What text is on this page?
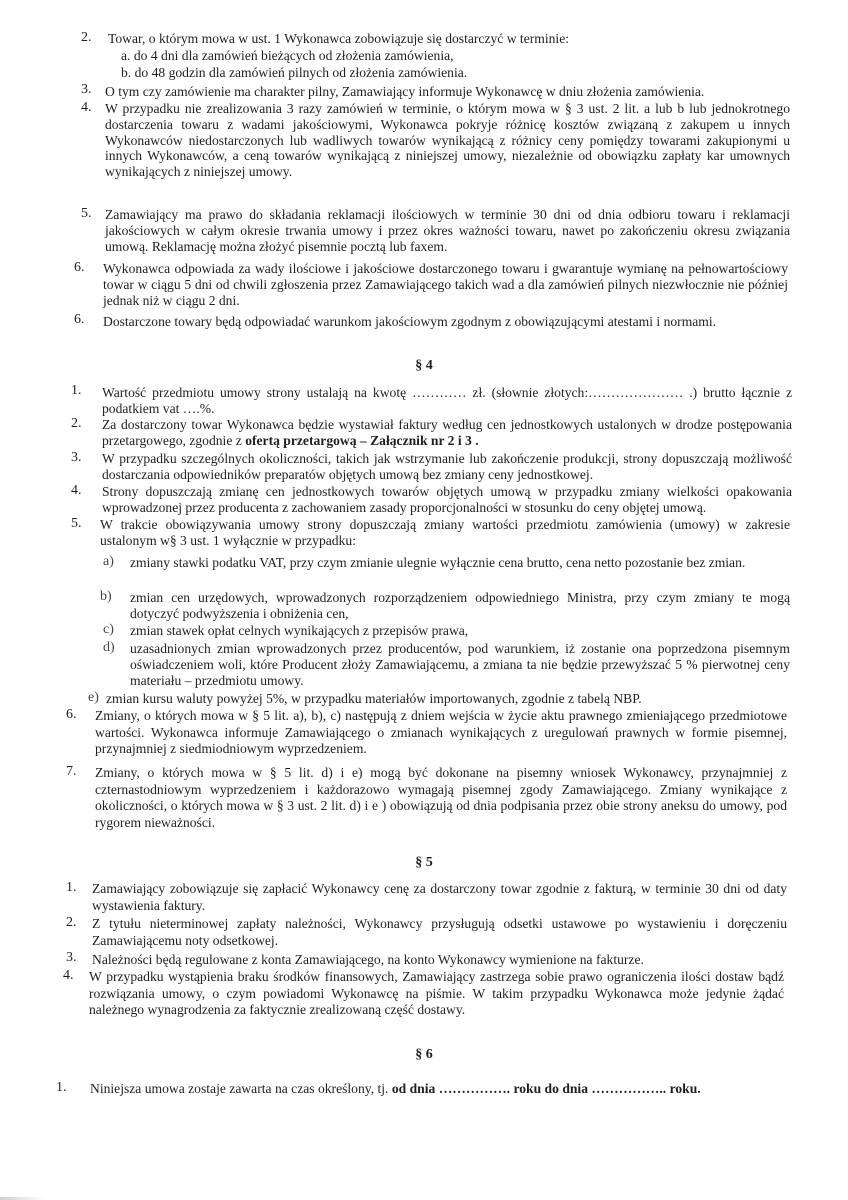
2. Towar, o którym mowa w ust. 1 Wykonawca zobowiązuje się dostarczyć w terminie:
a. do 4 dni dla zamówień bieżących od złożenia zamówienia,
b. do 48 godzin dla zamówień pilnych od złożenia zamówienia.
3. O tym czy zamówienie ma charakter pilny, Zamawiający informuje Wykonawcę w dniu złożenia zamówienia.
4. W przypadku nie zrealizowania 3 razy zamówień w terminie, o którym mowa w § 3 ust. 2 lit. a lub b lub jednokrotnego dostarczenia towaru z wadami jakościowymi, Wykonawca pokryje różnicę kosztów związaną z zakupem u innych Wykonawców niedostarczonych lub wadliwych towarów wynikającą z różnicy ceny pomiędzy towarami zakupionymi u innych Wykonawców, a ceną towarów wynikającą z niniejszej umowy, niezależnie od obowiązku zapłaty kar umownych wynikających z niniejszej umowy.
5. Zamawiający ma prawo do składania reklamacji ilościowych w terminie 30 dni od dnia odbioru towaru i reklamacji jakościowych w całym okresie trwania umowy i przez okres ważności towaru, nawet po zakończeniu okresu związania umową. Reklamację można złożyć pisemnie pocztą lub faxem.
6. Wykonawca odpowiada za wady ilościowe i jakościowe dostarczonego towaru i gwarantuje wymianę na pełnowartościowy towar w ciągu 5 dni od chwili zgłoszenia przez Zamawiającego takich wad a dla zamówień pilnych niezwłocznie nie później jednak niż w ciągu 2 dni.
6. Dostarczone towary będą odpowiadać warunkom jakościowym zgodnym z obowiązującymi atestami i normami.
§ 4
1. Wartość przedmiotu umowy strony ustalają na kwotę ………… zł. (słownie złotych:………………… .) brutto łącznie z podatkiem vat ….%.
2. Za dostarczony towar Wykonawca będzie wystawiał faktury według cen jednostkowych ustalonych w drodze postępowania przetargowego, zgodnie z ofertą przetargową – Załącznik nr 2 i 3 .
3. W przypadku szczególnych okoliczności, takich jak wstrzymanie lub zakończenie produkcji, strony dopuszczają możliwość dostarczania odpowiedników preparatów objętych umową bez zmiany ceny jednostkowej.
4. Strony dopuszczają zmianę cen jednostkowych towarów objętych umową w przypadku zmiany wielkości opakowania wprowadzonej przez producenta z zachowaniem zasady proporcjonalności w stosunku do ceny objętej umową.
5. W trakcie obowiązywania umowy strony dopuszczają zmiany wartości przedmiotu zamówienia (umowy) w zakresie ustalonym w§ 3 ust. 1 wyłącznie w przypadku:
a) zmiany stawki podatku VAT, przy czym zmianie ulegnie wyłącznie cena brutto, cena netto pozostanie bez zmian.
b) zmian cen urzędowych, wprowadzonych rozporządzeniem odpowiedniego Ministra, przy czym zmiany te mogą dotyczyć podwyższenia i obniżenia cen,
c) zmian stawek opłat celnych wynikających z przepisów prawa,
d) uzasadnionych zmian wprowadzonych przez producentów, pod warunkiem, iż zostanie ona poprzedzona pisemnym oświadczeniem woli, które Producent złoży Zamawiającemu, a zmiana ta nie będzie przewyższać 5 % pierwotnej ceny materiału – przedmiotu umowy.
e) zmian kursu waluty powyżej 5%, w przypadku materiałów importowanych, zgodnie z tabelą NBP.
6. Zmiany, o których mowa w § 5 lit. a), b), c) następują z dniem wejścia w życie aktu prawnego zmieniającego przedmiotowe wartości. Wykonawca informuje Zamawiającego o zmianach wynikających z uregulowań prawnych w formie pisemnej, przynajmniej z siedmiodniowym wyprzedzeniem.
7. Zmiany, o których mowa w § 5 lit. d) i e) mogą być dokonane na pisemny wniosek Wykonawcy, przynajmniej z czternastodniowym wyprzedzeniem i każdorazowo wymagają pisemnej zgody Zamawiającego. Zmiany wynikające z okoliczności, o których mowa w § 3 ust. 2 lit. d) i e ) obowiązują od dnia podpisania przez obie strony aneksu do umowy, pod rygorem nieważności.
§ 5
1. Zamawiający zobowiązuje się zapłacić Wykonawcy cenę za dostarczony towar zgodnie z fakturą, w terminie 30 dni od daty wystawienia faktury.
2. Z tytułu nieterminowej zapłaty należności, Wykonawcy przysługują odsetki ustawowe po wystawieniu i doręczeniu Zamawiającemu noty odsetkowej.
3. Należności będą regulowane z konta Zamawiającego, na konto Wykonawcy wymienione na fakturze.
4. W przypadku wystąpienia braku środków finansowych, Zamawiający zastrzega sobie prawo ograniczenia ilości dostaw bądź rozwiązania umowy, o czym powiadomi Wykonawcę na piśmie. W takim przypadku Wykonawca może jedynie żądać należnego wynagrodzenia za faktycznie zrealizowaną część dostawy.
§ 6
1. Niniejsza umowa zostaje zawarta na czas określony, tj. od dnia ……………. roku do dnia …………….. roku.
